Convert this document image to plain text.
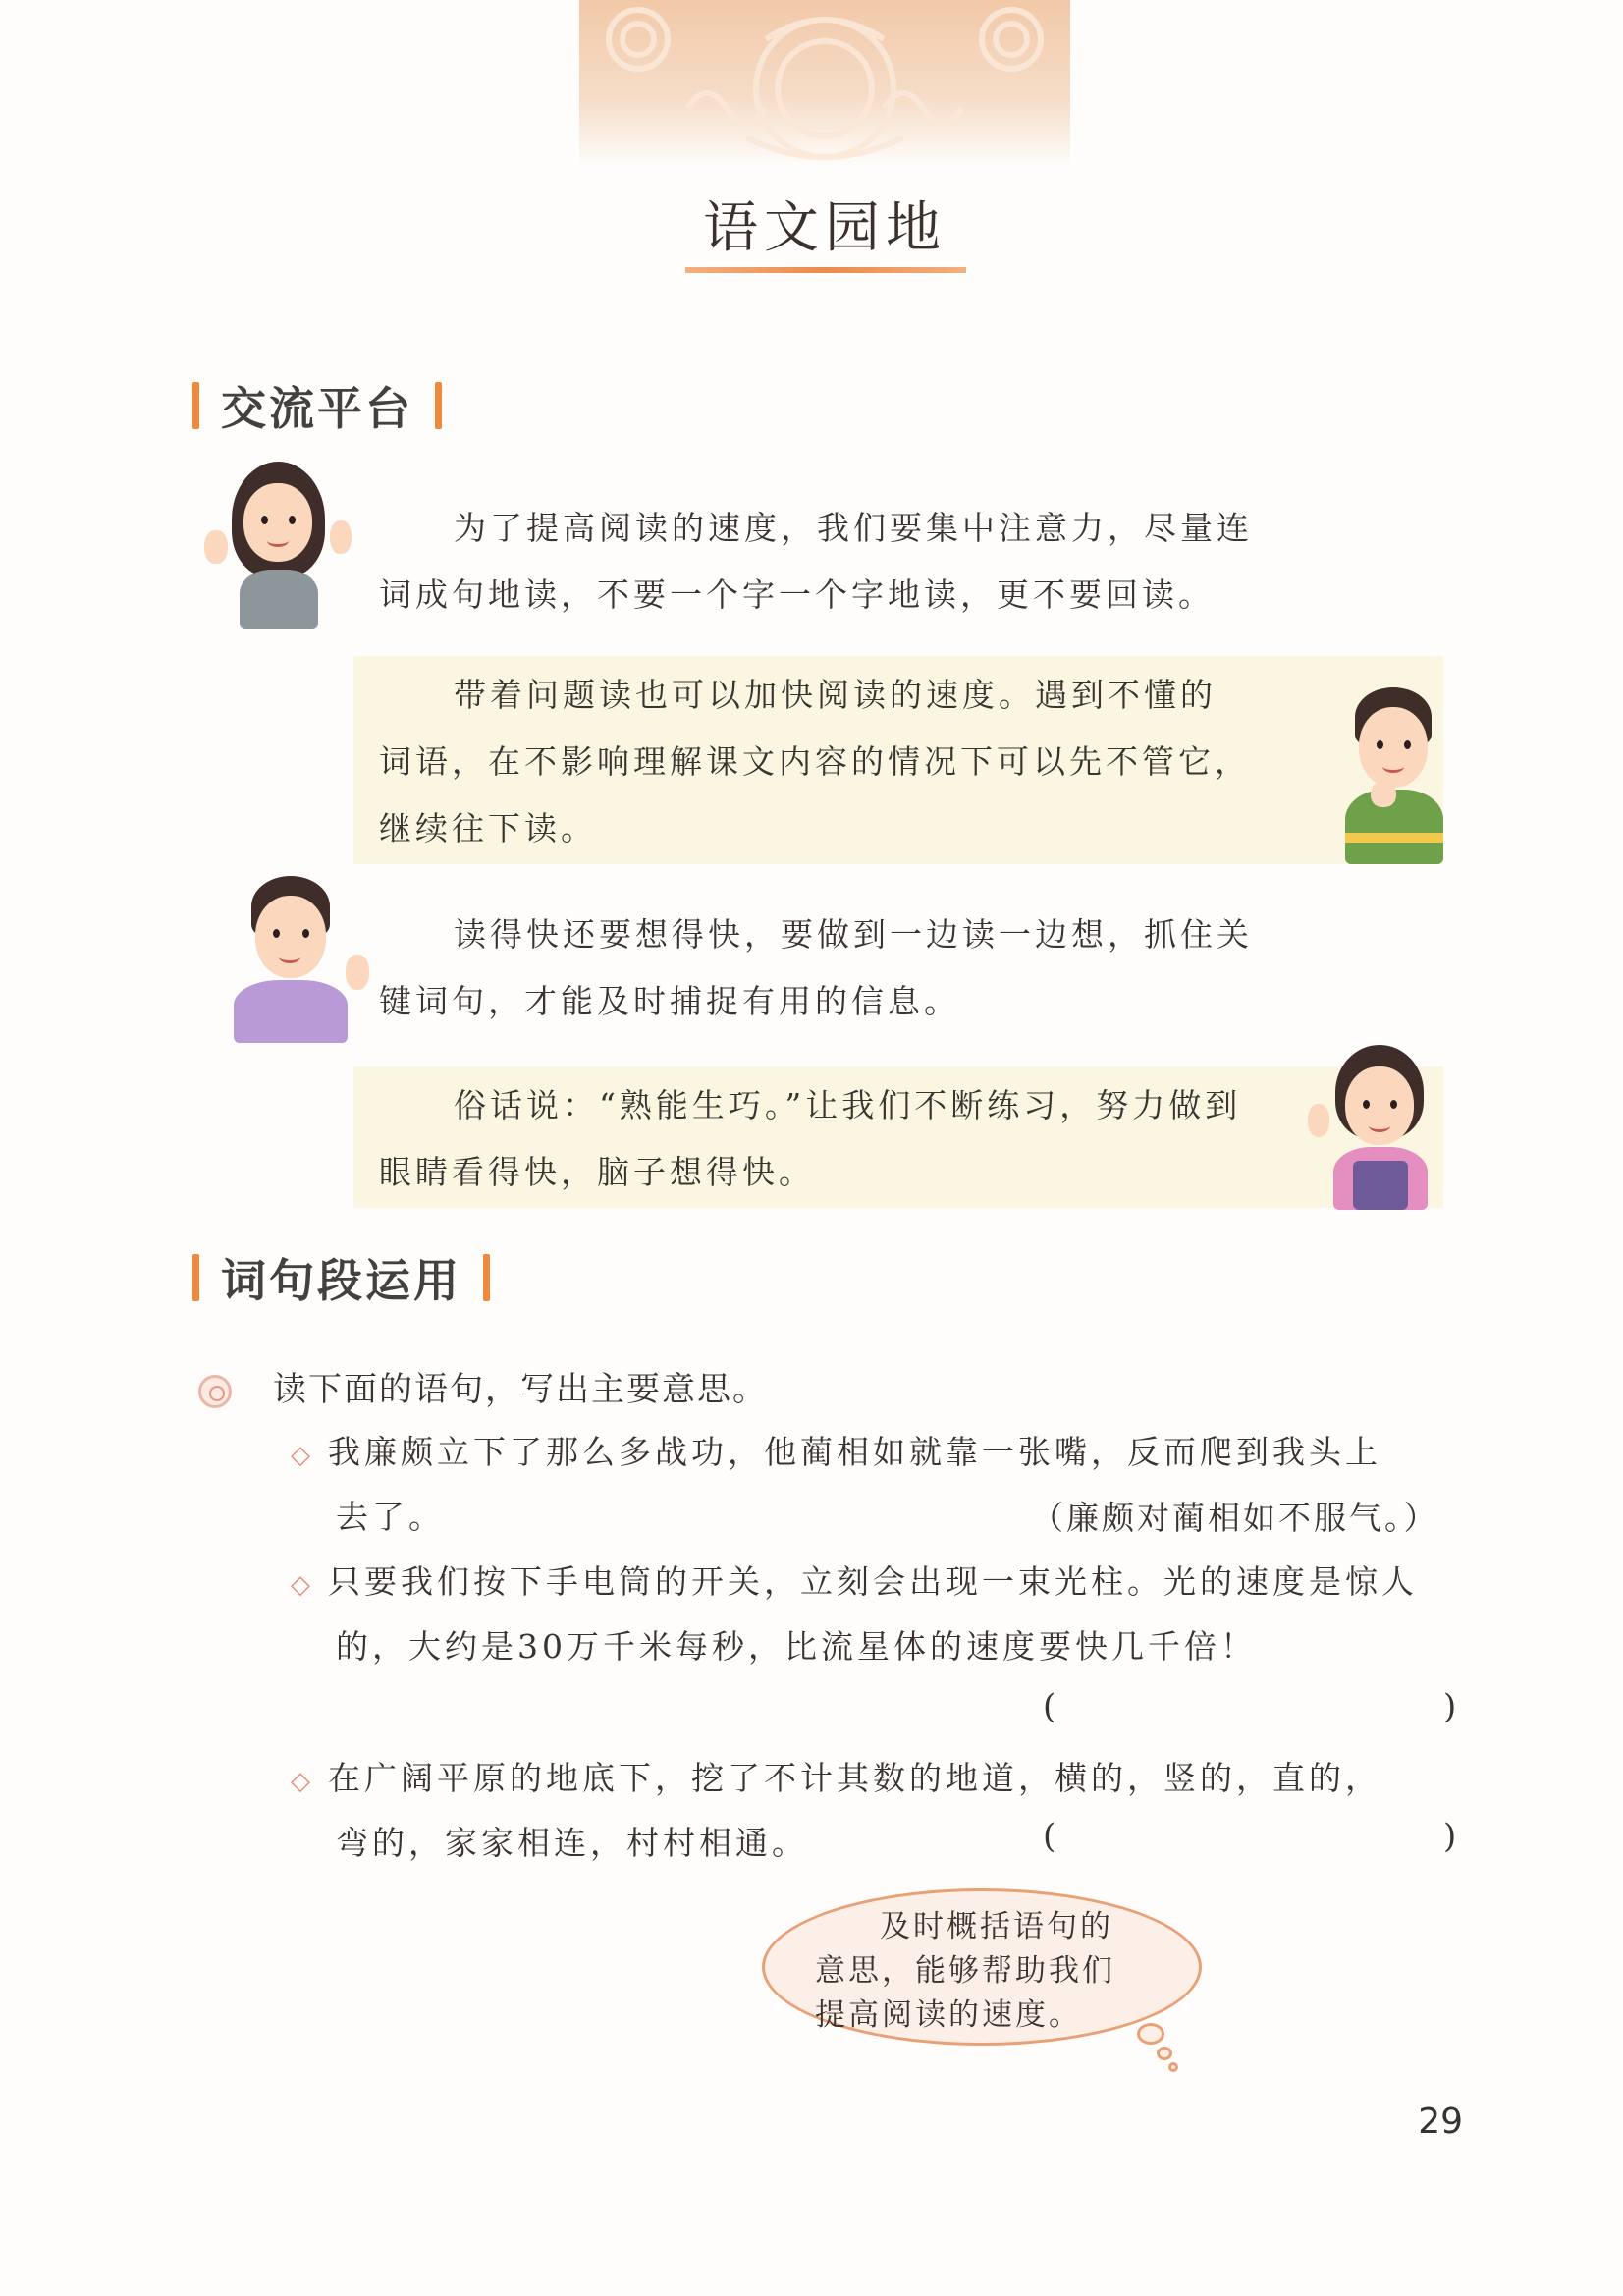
语文园地
交流平台
为了提高阅读的速度，我们要集中注意力，尽量连
词成句地读，不要一个字一个字地读，更不要回读。
带着问题读也可以加快阅读的速度。遇到不懂的
词语，在不影响理解课文内容的情况下可以先不管它，
继续往下读。
读得快还要想得快，要做到一边读一边想，抓住关
键词句，才能及时捕捉有用的信息。
俗话说：“熟能生巧。”让我们不断练习，努力做到
眼睛看得快，脑子想得快。
词句段运用
读下面的语句，写出主要意思。
◇ 我廉颇立下了那么多战功，他蔺相如就靠一张嘴，反而爬到我头上
去了。	（廉颇对蔺相如不服气。）
◇ 只要我们按下手电筒的开关，立刻会出现一束光柱。光的速度是惊人
的，大约是30万千米每秒，比流星体的速度要快几千倍！
(	)
◇ 在广阔平原的地底下，挖了不计其数的地道，横的，竖的，直的，
弯的，家家相连，村村相通。	(	)
及时概括语句的
意思，能够帮助我们
提高阅读的速度。
29
